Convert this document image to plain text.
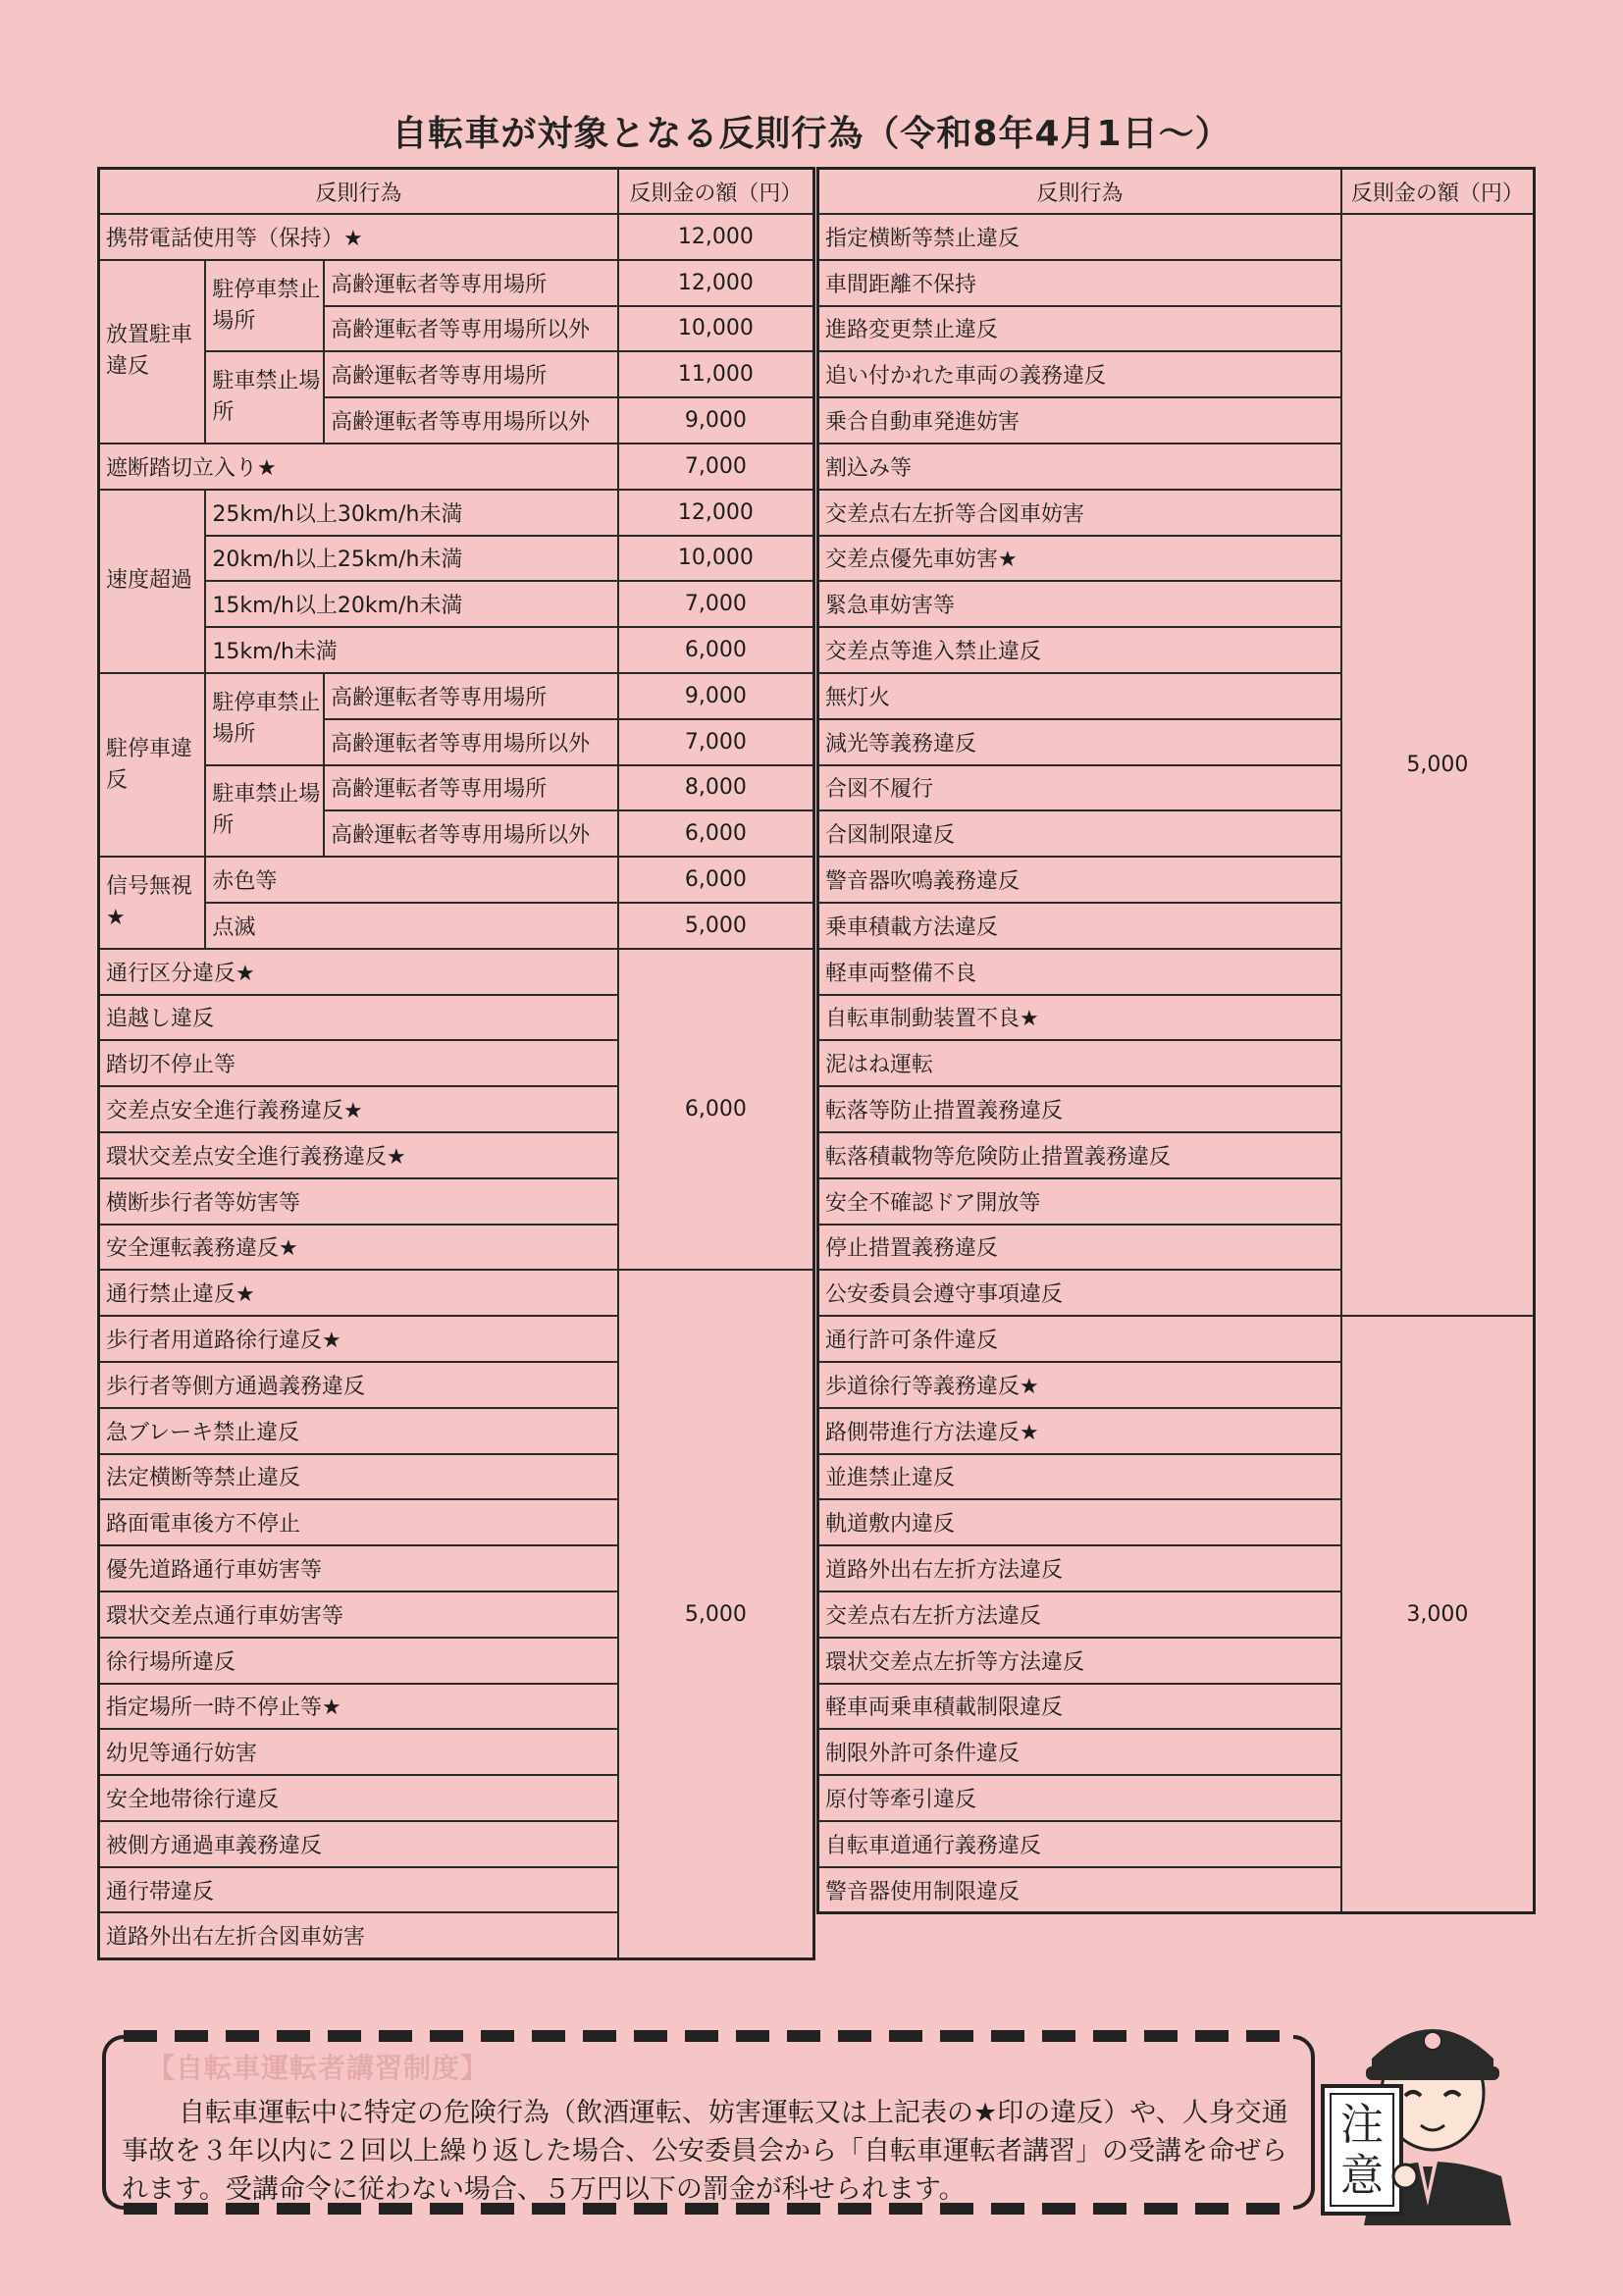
自転車が対象となる反則行為（令和8年4月1日～）
反則行為			反則金の額（円）
携帯電話使用等（保持）★			12,000
放置駐車違反	駐停車禁止場所	高齢運転者等専用場所	12,000
		高齢運転者等専用場所以外	10,000
	駐車禁止場所	高齢運転者等専用場所	11,000
		高齢運転者等専用場所以外	9,000
遮断踏切立入り★			7,000
速度超過	25km/h以上30km/h未満		12,000
	20km/h以上25km/h未満		10,000
	15km/h以上20km/h未満		7,000
	15km/h未満		6,000
駐停車違反	駐停車禁止場所	高齢運転者等専用場所	9,000
		高齢運転者等専用場所以外	7,000
	駐車禁止場所	高齢運転者等専用場所	8,000
		高齢運転者等専用場所以外	6,000
信号無視★	赤色等		6,000
	点滅		5,000
通行区分違反★			6,000
追越し違反			
踏切不停止等			
交差点安全進行義務違反★			
環状交差点安全進行義務違反★			
横断歩行者等妨害等			
安全運転義務違反★			
通行禁止違反★			5,000
歩行者用道路徐行違反★			
歩行者等側方通過義務違反			
急ブレーキ禁止違反			
法定横断等禁止違反			
路面電車後方不停止			
優先道路通行車妨害等			
環状交差点通行車妨害等			
徐行場所違反			
指定場所一時不停止等★			
幼児等通行妨害			
安全地帯徐行違反			
被側方通過車義務違反			
通行帯違反			
道路外出右左折合図車妨害			
反則行為	反則金の額（円）
指定横断等禁止違反	5,000
車間距離不保持	
進路変更禁止違反	
追い付かれた車両の義務違反	
乗合自動車発進妨害	
割込み等	
交差点右左折等合図車妨害	
交差点優先車妨害★	
緊急車妨害等	
交差点等進入禁止違反	
無灯火	
減光等義務違反	
合図不履行	
合図制限違反	
警音器吹鳴義務違反	
乗車積載方法違反	
軽車両整備不良	
自転車制動装置不良★	
泥はね運転	
転落等防止措置義務違反	
転落積載物等危険防止措置義務違反	
安全不確認ドア開放等	
停止措置義務違反	
公安委員会遵守事項違反	
通行許可条件違反	3,000
歩道徐行等義務違反★	
路側帯進行方法違反★	
並進禁止違反	
軌道敷内違反	
道路外出右左折方法違反	
交差点右左折方法違反	
環状交差点左折等方法違反	
軽車両乗車積載制限違反	
制限外許可条件違反	
原付等牽引違反	
自転車道通行義務違反	
警音器使用制限違反	
【自転車運転者講習制度】

自転車運転中に特定の危険行為（飲酒運転、妨害運転又は上記表の★印の違反）や、人身交通事故を３年以内に２回以上繰り返した場合、公安委員会から「自転車運転者講習」の受講を命ぜられます。受講命令に従わない場合、５万円以下の罰金が科せられます。

注意
